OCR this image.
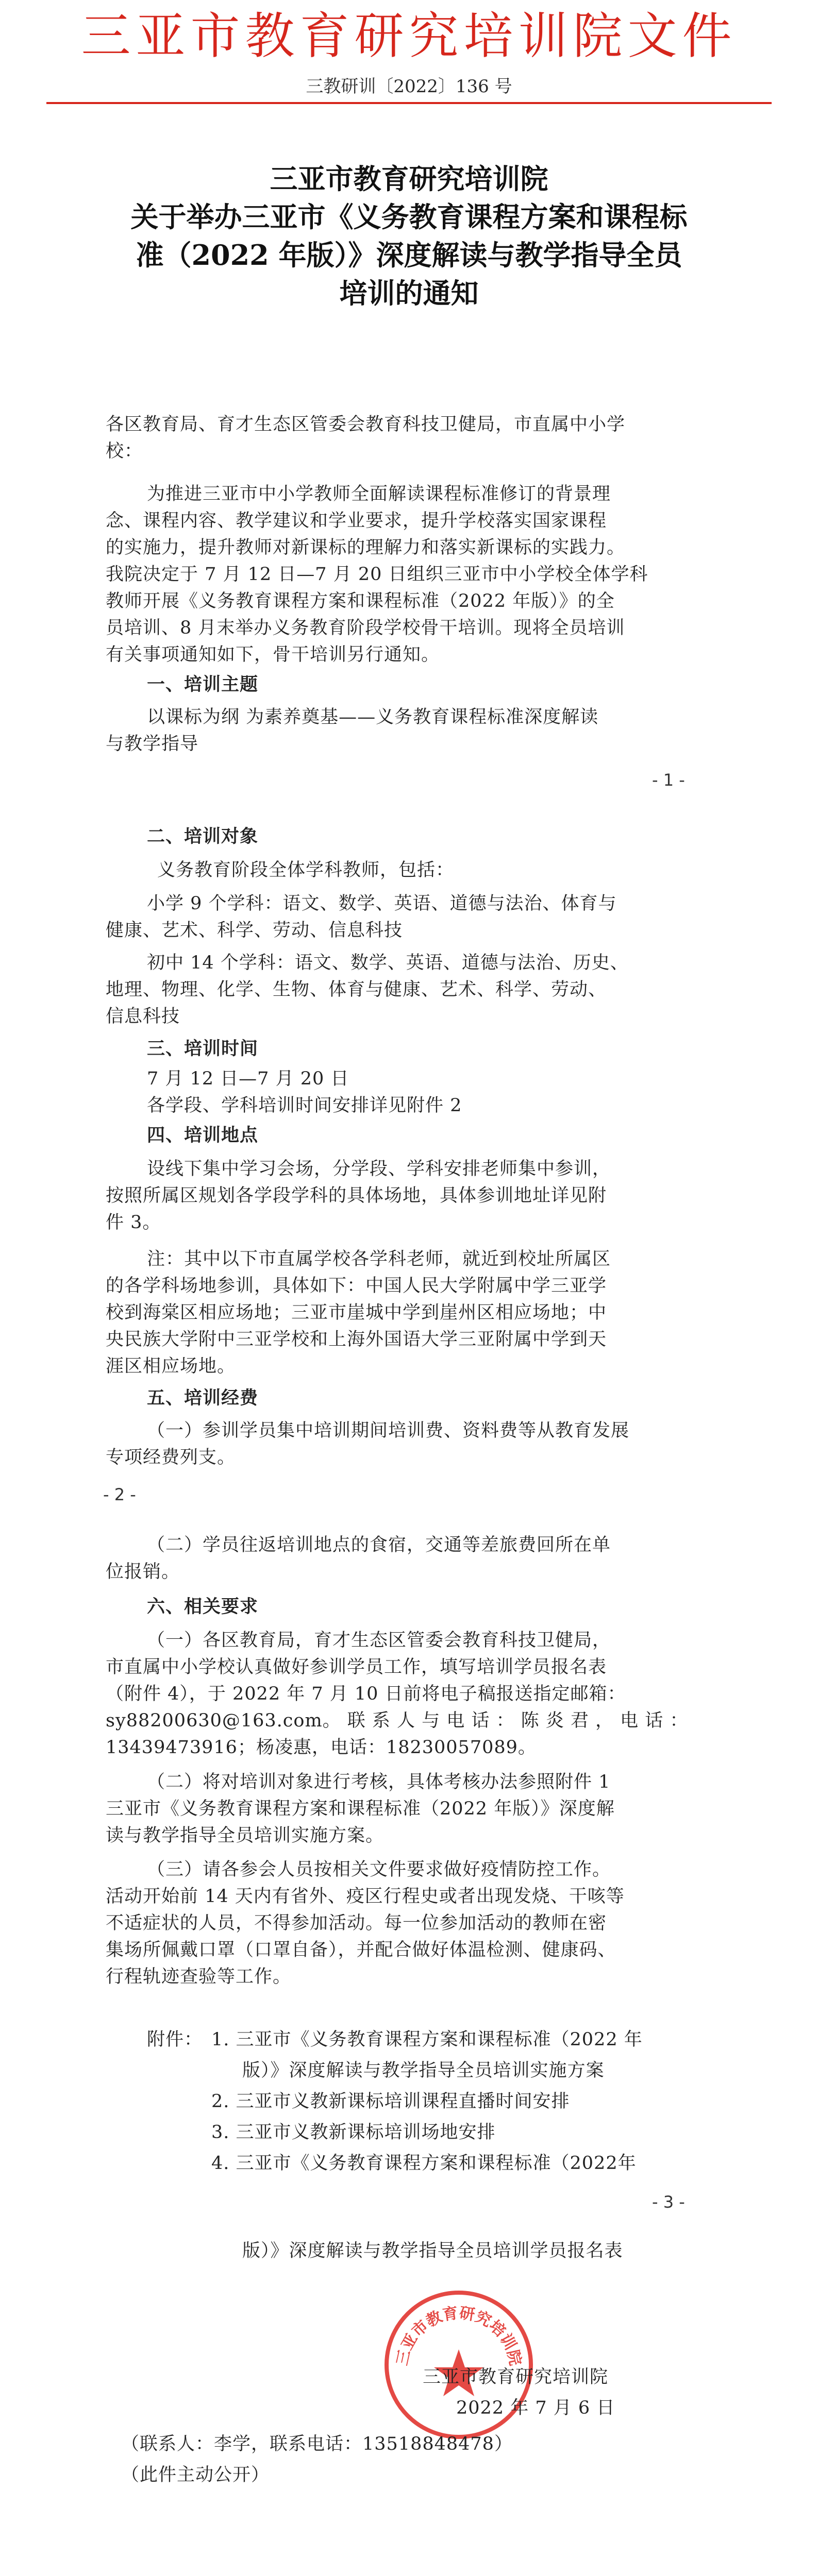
三亚市教育研究培训院文件
三教研训〔2022〕136 号
三亚市教育研究培训院
关于举办三亚市《义务教育课程方案和课程标
准（2022 年版）》深度解读与教学指导全员
培训的通知
各区教育局、育才生态区管委会教育科技卫健局，市直属中小学
校：
为推进三亚市中小学教师全面解读课程标准修订的背景理
念、课程内容、教学建议和学业要求，提升学校落实国家课程
的实施力，提升教师对新课标的理解力和落实新课标的实践力。
我院决定于 7 月 12 日—7 月 20 日组织三亚市中小学校全体学科
教师开展《义务教育课程方案和课程标准（2022 年版）》的全
员培训、8 月末举办义务教育阶段学校骨干培训。现将全员培训
有关事项通知如下，骨干培训另行通知。
一、培训主题
以课标为纲 为素养奠基——义务教育课程标准深度解读
与教学指导
- 1 -
二、培训对象
义务教育阶段全体学科教师，包括：
小学 9 个学科：语文、数学、英语、道德与法治、体育与
健康、艺术、科学、劳动、信息科技
初中 14 个学科：语文、数学、英语、道德与法治、历史、
地理、物理、化学、生物、体育与健康、艺术、科学、劳动、
信息科技
三、培训时间
7 月 12 日—7 月 20 日
各学段、学科培训时间安排详见附件 2
四、培训地点
设线下集中学习会场，分学段、学科安排老师集中参训，
按照所属区规划各学段学科的具体场地，具体参训地址详见附
件 3。
注：其中以下市直属学校各学科老师，就近到校址所属区
的各学科场地参训，具体如下：中国人民大学附属中学三亚学
校到海棠区相应场地；三亚市崖城中学到崖州区相应场地；中
央民族大学附中三亚学校和上海外国语大学三亚附属中学到天
涯区相应场地。
五、培训经费
（一）参训学员集中培训期间培训费、资料费等从教育发展
专项经费列支。
- 2 -
（二）学员往返培训地点的食宿，交通等差旅费回所在单
位报销。
六、相关要求
（一）各区教育局，育才生态区管委会教育科技卫健局，
市直属中小学校认真做好参训学员工作，填写培训学员报名表
（附件 4），于 2022 年 7 月 10 日前将电子稿报送指定邮箱：
sy88200630@163.com。 联 系 人 与 电 话 ： 陈 炎 君 ， 电 话 ：
13439473916；杨凌惠，电话：18230057089。
（二）将对培训对象进行考核，具体考核办法参照附件 1
三亚市《义务教育课程方案和课程标准（2022 年版）》深度解
读与教学指导全员培训实施方案。
（三）请各参会人员按相关文件要求做好疫情防控工作。
活动开始前 14 天内有省外、疫区行程史或者出现发烧、干咳等
不适症状的人员，不得参加活动。每一位参加活动的教师在密
集场所佩戴口罩（口罩自备），并配合做好体温检测、健康码、
行程轨迹查验等工作。
附件： 1. 三亚市《义务教育课程方案和课程标准（2022 年
版）》深度解读与教学指导全员培训实施方案
2. 三亚市义教新课标培训课程直播时间安排
3. 三亚市义教新课标培训场地安排
4. 三亚市《义务教育课程方案和课程标准（2022年
- 3 -
版）》深度解读与教学指导全员培训学员报名表
三亚市教育研究培训院
三亚市教育研究培训院
2022 年 7 月 6 日
（联系人：李学，联系电话：13518848478）
（此件主动公开）
